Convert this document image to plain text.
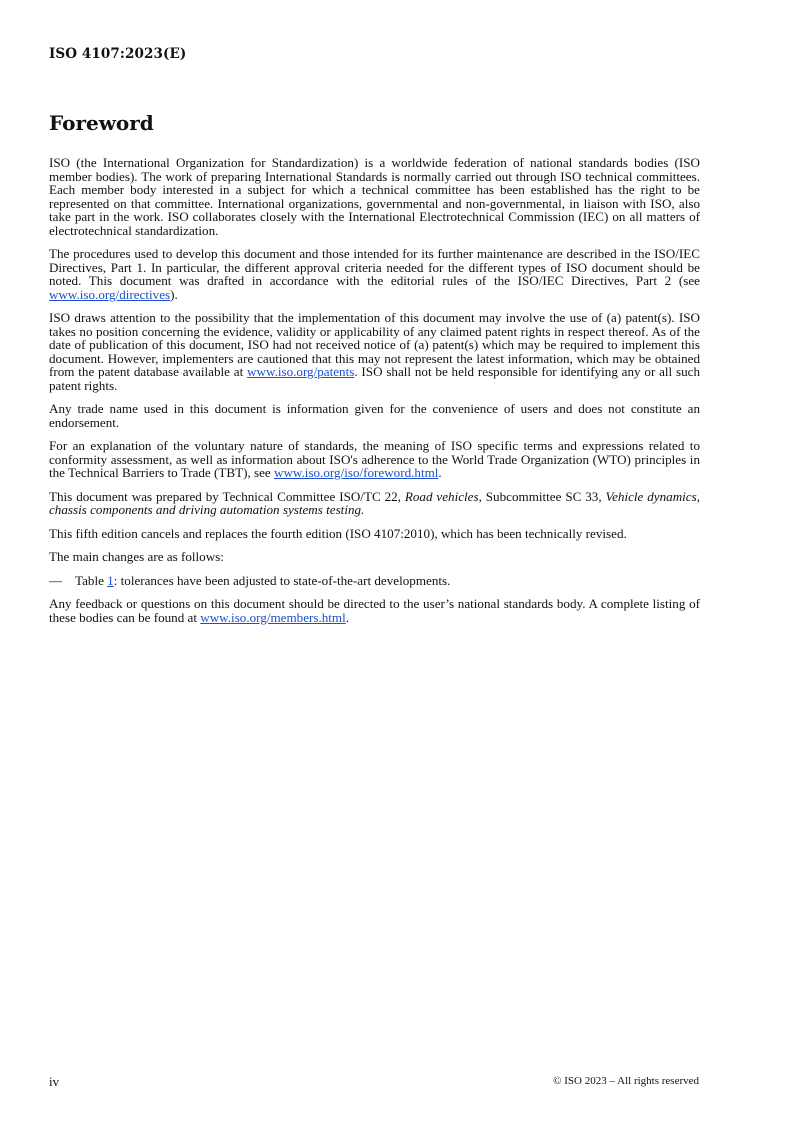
ISO 4107:2023(E)
Foreword

ISO (the International Organization for Standardization) is a worldwide federation of national standards bodies (ISO member bodies). The work of preparing International Standards is normally carried out through ISO technical committees. Each member body interested in a subject for which a technical committee has been established has the right to be represented on that committee. International organizations, governmental and non-governmental, in liaison with ISO, also take part in the work. ISO collaborates closely with the International Electrotechnical Commission (IEC) on all matters of electrotechnical standardization.

The procedures used to develop this document and those intended for its further maintenance are described in the ISO/IEC Directives, Part 1. In particular, the different approval criteria needed for the different types of ISO document should be noted. This document was drafted in accordance with the editorial rules of the ISO/IEC Directives, Part 2 (see www.iso.org/directives).

ISO draws attention to the possibility that the implementation of this document may involve the use of (a) patent(s). ISO takes no position concerning the evidence, validity or applicability of any claimed patent rights in respect thereof. As of the date of publication of this document, ISO had not received notice of (a) patent(s) which may be required to implement this document. However, implementers are cautioned that this may not represent the latest information, which may be obtained from the patent database available at www.iso.org/patents. ISO shall not be held responsible for identifying any or all such patent rights.

Any trade name used in this document is information given for the convenience of users and does not constitute an endorsement.

For an explanation of the voluntary nature of standards, the meaning of ISO specific terms and expressions related to conformity assessment, as well as information about ISO's adherence to the World Trade Organization (WTO) principles in the Technical Barriers to Trade (TBT), see www.iso.org/iso/foreword.html.

This document was prepared by Technical Committee ISO/TC 22, Road vehicles, Subcommittee SC 33, Vehicle dynamics, chassis components and driving automation systems testing.

This fifth edition cancels and replaces the fourth edition (ISO 4107:2010), which has been technically revised.

The main changes are as follows:

— Table 1: tolerances have been adjusted to state-of-the-art developments.

Any feedback or questions on this document should be directed to the user’s national standards body. A complete listing of these bodies can be found at www.iso.org/members.html.

iv	© ISO 2023 – All rights reserved
